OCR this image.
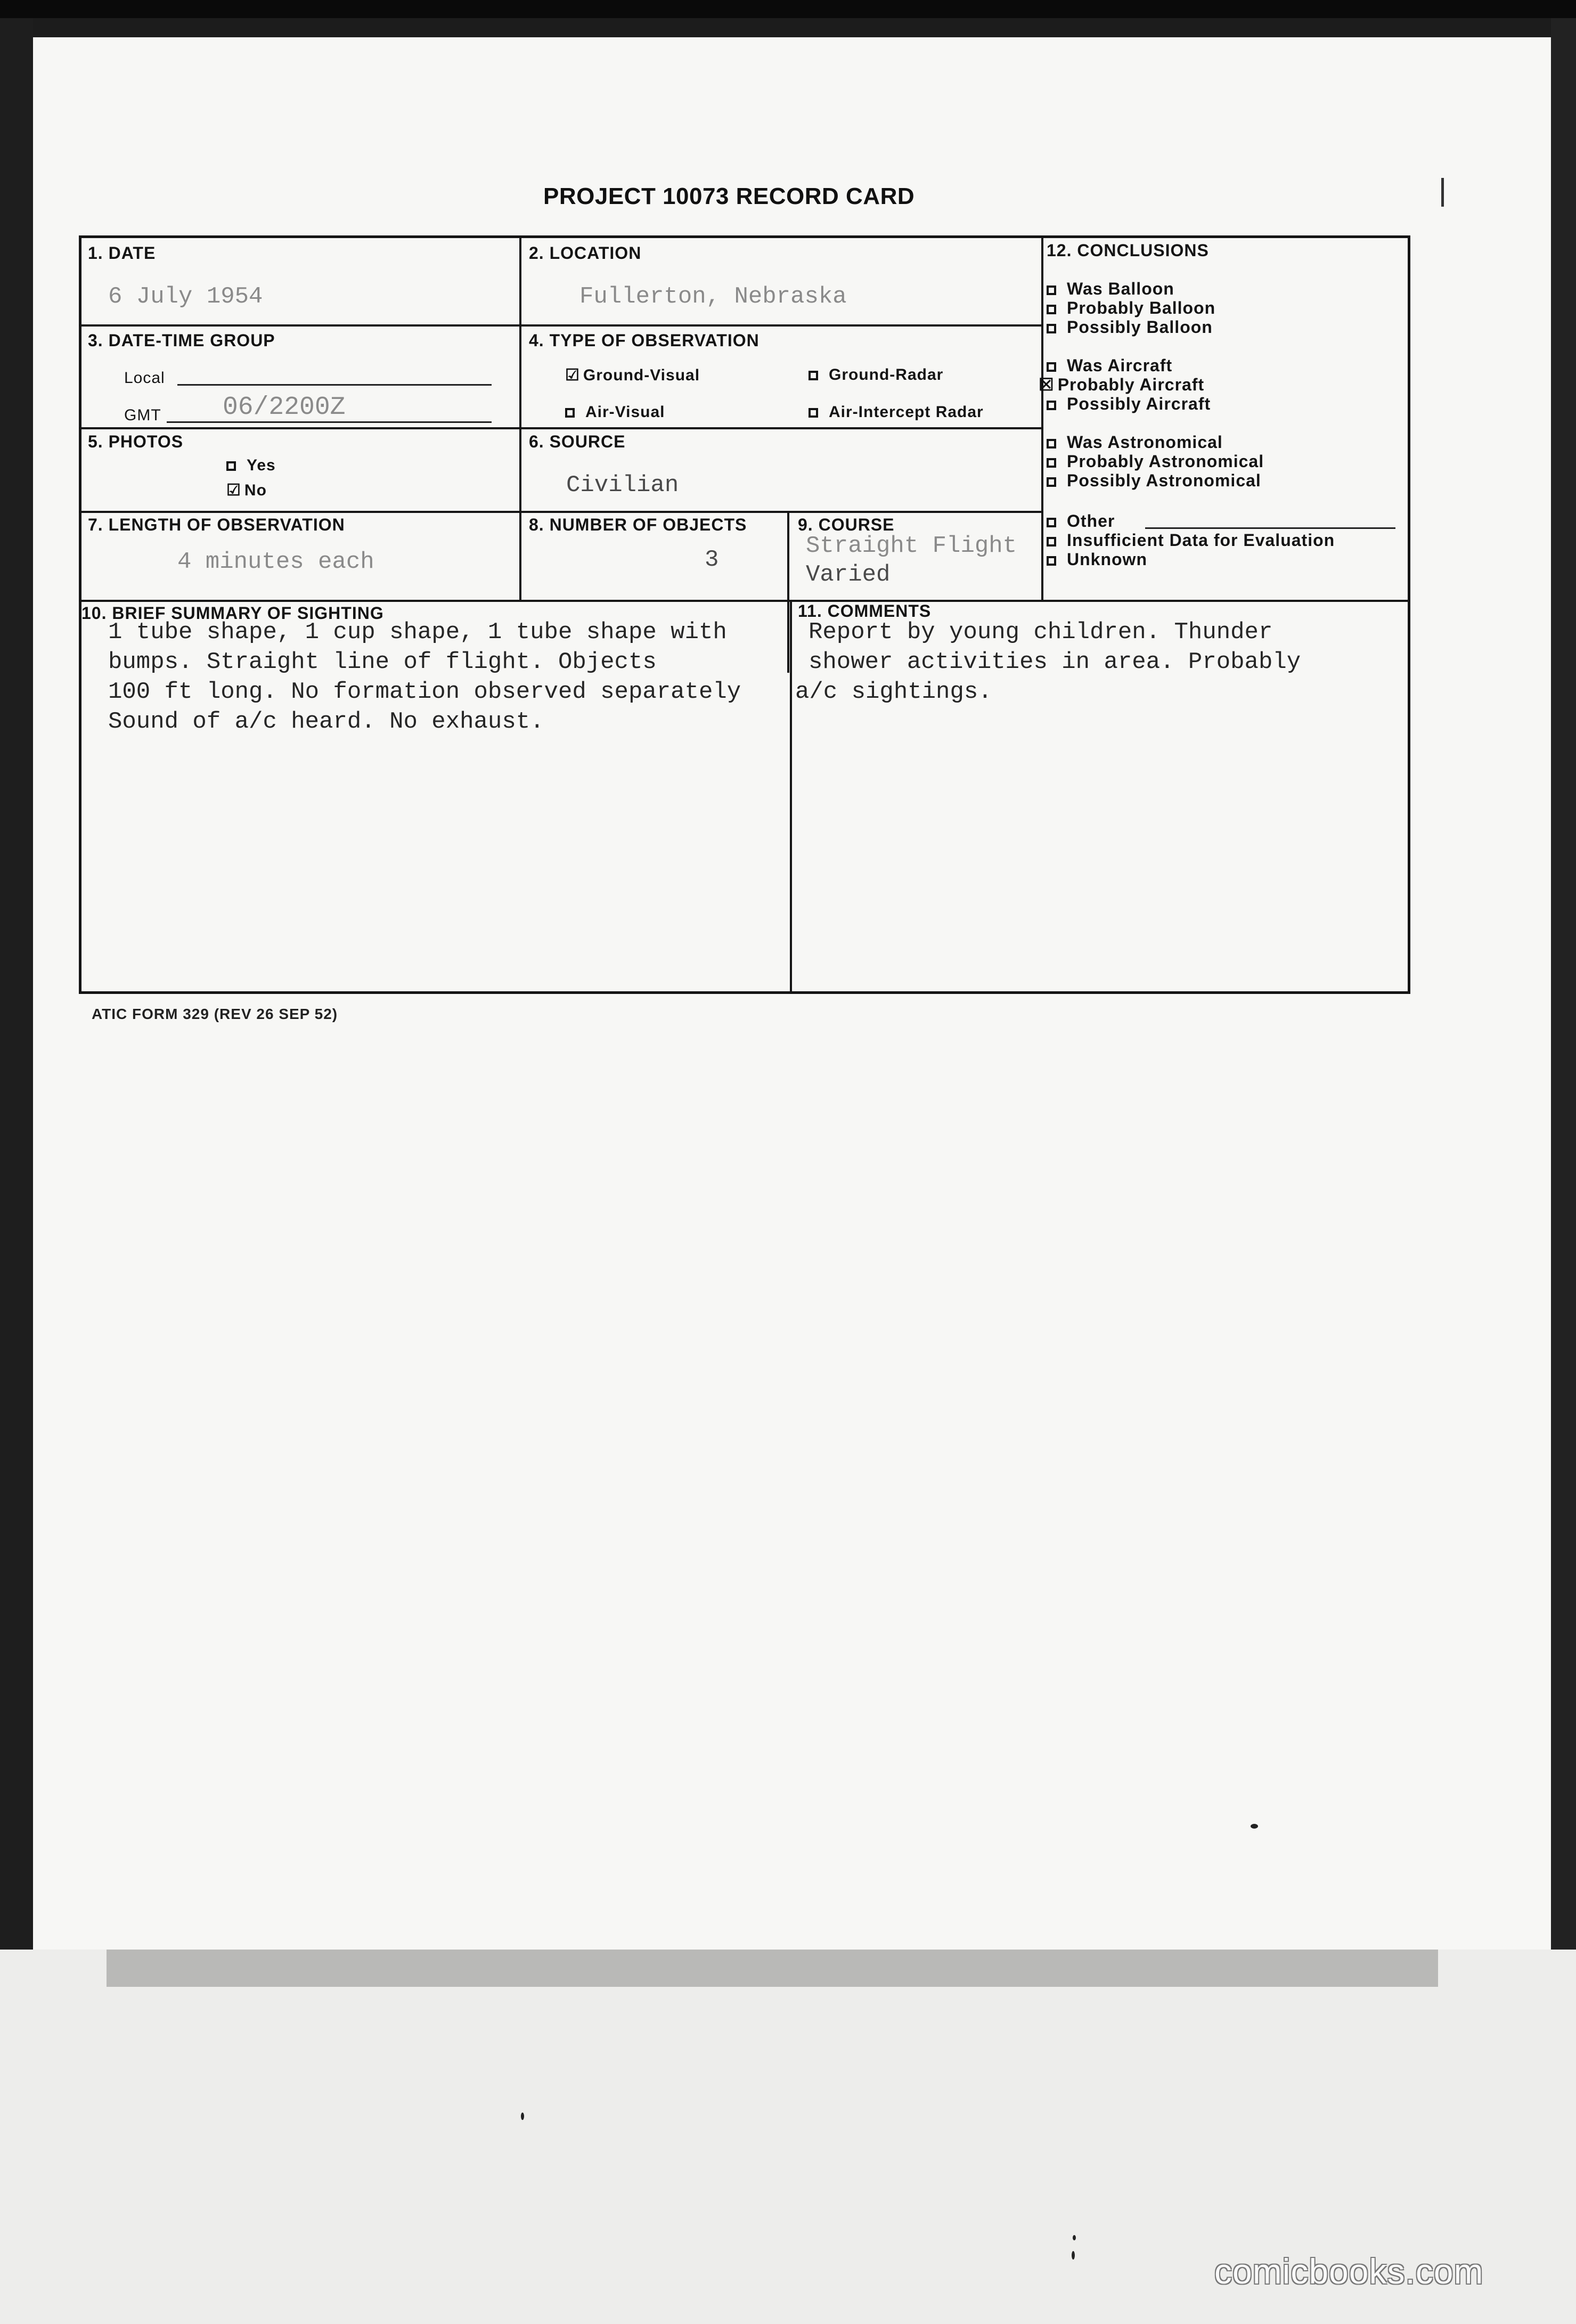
PROJECT 10073 RECORD CARD
1. DATE
6 July 1954
2. LOCATION
Fullerton, Nebraska
3. DATE-TIME GROUP
Local
GMT 06/2200Z
4. TYPE OF OBSERVATION
☑ Ground-Visual	Ground-Radar
Air-Visual	Air-Intercept Radar
5. PHOTOS
Yes
☑ No
6. SOURCE
Civilian
7. LENGTH OF OBSERVATION
4 minutes each
8. NUMBER OF OBJECTS
3
9. COURSE
Straight Flight
Varied
10. BRIEF SUMMARY OF SIGHTING
1 tube shape, 1 cup shape, 1 tube shape with
bumps. Straight line of flight. Objects
100 ft long. No formation observed separately
Sound of a/c heard. No exhaust.
11. COMMENTS
Report by young children. Thunder
shower activities in area. Probably
a/c sightings.
12. CONCLUSIONS
Was Balloon
Probably Balloon
Possibly Balloon
Was Aircraft
☒ Probably Aircraft
Possibly Aircraft
Was Astronomical
Probably Astronomical
Possibly Astronomical
Other
Insufficient Data for Evaluation
Unknown
ATIC FORM 329 (REV 26 SEP 52)
comicbooks.com
